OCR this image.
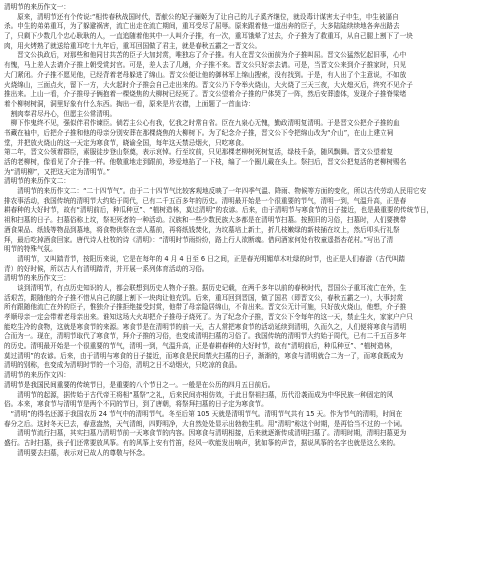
清明节的来历作文一：
　　原来，清明节还有个传说:“相传春秋战国时代，晋献公的妃子骊姬为了让自己的儿子奚齐继位，就设毒计谋害太子申生，申生被逼自
杀。申生的弟弟重耳，为了躲避祸害，流亡出走在流亡期间，重耳受尽了屈辱。原来跟着他一道出奔的臣子，大多陆陆续续地各奔出路去
了，只剩下少数几个忠心耿耿的人，一直追随着他其中一人叫介子推，有一次，重耳饿晕了过去，介子推为了救重耳，从自己腿上割下了一块
肉，用火烤熟了就送给重耳吃十九年后，重耳回国做了君主，就是春秋五霸之一晋文公。
　　晋文公执政后，对那些和他同甘共苦的臣子大加封赏，唯独忘了介子推。有人在晋文公面前为介子推叫屈。晋文公猛然忆起旧事，心中
有愧，马上差人去请介子推上朝受赏封官。可是，差人去了几趟，介子推不来。晋文公只好亲去请。可是，当晋文公来到介子推家时，只见
大门紧闭。介子推不愿见他，已经背着老母躲进了绵山。晋文公便让他的御林军上绵山搜索，没有找到。于是，有人出了个主意说，不如放
火烧绵山，三面点火，留下一方，大火起时介子推会自己走出来的。晋文公乃下令举火烧山，大火烧了三天三夜，大火熄灭后，终究不见介子
推出来。上山一看，介子推母子俩抱着一棵烧焦的大柳树已经死了。晋文公望着介子推的尸体哭了一阵，然后安葬遗体，发现介子推脊梁堵
着个柳树树洞，洞里好象有什么东西。掏出一看，原来是片衣襟，上面题了一首血诗：
　割肉奉君尽丹心，但愿主公常清明。
　柳下作鬼终不见，强似伴君作谏臣。倘若主公心有我，忆我之时常自省。臣在九泉心无愧，勤政清明复清明。于是晋文公把介子推的血
书藏在袖中，后把介子推和他的母亲分别安葬在那棵烧焦的大柳树下。为了纪念介子推，晋文公下令把绵山改为“介山”，在山上建立祠
堂，并把放火烧山的这一天定为寒食节，晓谕全国，每年这天禁忌烟火，只吃寒食。
第二年，晋文公领着群臣，素服徒步登山祭奠，表示哀悼。行至坟前，只见那棵老柳树死树复活，绿枝千条，随风飘舞。晋文公望着复
活的老柳树，像看见了介子推一样。他敬重地走到跟前，珍爱地掐了一下枝，编了一个圈儿戴在头上。祭扫后，晋文公把复活的老柳树赐名
为“清明柳”，又把这天定为清明节。”
清明节的来历作文二：
　　清明节的来历作文二：“二十四节气”。由于二十四节气比较客观地反映了一年四季气温、降雨、物候等方面的变化，所以古代劳动人民用它安
排农事活动，我国传统的清明节大约始于周代，已有二千五百多年的历史。清明最开始是一个很重要的节气，清明一到，气温升高，正是春
耕春种的大好时节，故有“清明前后，种瓜种豆”、“植树造林，莫过清明”的农谚。后来，由于清明节与寒食节的日子接近，也是最重要的传统节日，
祖和扫墓的日子。扫墓俗称上坟，祭祀死者的一种活动。汉族和一些少数民族大多都是在清明节扫墓。按照旧的习俗，扫墓时，人们要携带
酒食果品、纸钱等物品到墓地，将食物供祭在亲人墓前，再将纸钱焚化，为坟墓培上新土，折几枝嫩绿的新枝插在坟上，然后叩头行礼祭
拜，最后吃掉酒食回家。唐代诗人杜牧的诗《清明》：“清明时节雨纷纷，路上行人欲断魂。借问酒家何处有牧童遥指杏花村。”写出了清
明节的特殊气氛。
　　清明节，又叫踏青节，按阳历来说，它是在每年的 4 月 4 日至 6 日之间，正是春光明媚草木吐绿的时节，也正是人们春游（古代叫踏
青）的好时候，所以古人有清明踏青，并开展一系列体育活动的习俗。
清明节的来历作文三：
　　谈到清明节，有点历史知识的人，都会联想到历史人物介子推。据历史记载，在两千多年以前的春秋时代，晋国公子重耳流亡在外，生
活艰苦，跟随他的介子推不惜从自己的腿上割下一块肉让他充饥。后来，重耳回到晋国，做了国君（即晋文公，春秋五霸之一），大事封赏
所有跟随他流亡在外的臣子，惟独介子推拒绝接受封赏，他带了母亲隐居绵山，不肯出来。晋文公无计可施，只好放火烧山，他想，介子推
孝顺母亲一定会带着老母亲出来。谁知这场大火却把介子推母子烧死了。为了纪念介子推，晋文公下令每年的这一天，禁止生火，家家户户只
能吃生冷的食物，这就是寒食节的来源。寒食节是在清明节的前一天，古人常把寒食节的活动延续到清明，久而久之，人们便将寒食与清明
合而为一。现在，清明节取代了寒食节，拜介子推的习俗，也变成清明扫墓的习俗了。我国传统的清明节大约始于周代，已有二千五百多年
的历史。清明最开始是一个很重要的节气，清明一到，气温升高，正是春耕春种的大好时节，故有“清明前后，种瓜种豆”、“植树造林，
莫过清明”的农谚。后来，由于清明与寒食的日子接近，而寒食是民间禁火扫墓的日子，渐渐的，寒食与清明就合二为一了，而寒食既成为
清明的别称，也变成为清明时节的一个习俗，清明之日不动烟火，只吃凉的食品。
清明节的来历作文四：
清明节是我国民间重要的传统节日，是重要的八个节日之一。一般是在公历的四月五日前后。
　　清明节的起源，据传始于古代帝王将相“墓祭”之礼，后来民间亦相仿效，于此日祭祖扫墓，历代沿袭而成为中华民族一种固定的风
俗。本来，寒食节与清明节是两个不同的节日，到了唐朝，将祭拜扫墓的日子定为寒食节。
　“清明”的得名还源于我国农历 24 节气中的清明节气。冬至后第 105 天就是清明节气。清明节气共有 15 天。作为节气的清明，时间在
春分之后。这时冬天已去，春意盎然，天气清朗，四野明净，大自然处处显示出勃勃生机。用“清明”称这个时期，是再恰当不过的一个词。
　　清明节流行扫墓，其实扫墓乃清明节前一天寒食节的内容。因寒食与清明相接，后来就逐渐传成清明扫墓了。清明时期，清明扫墓更为
盛行。古时扫墓，孩子们还常要放风筝。有的风筝上安有竹笛，经风一吹能发出响声，犹如筝的声音，据说风筝的名字也就是这么来的。
　　清明要去扫墓，表示对已故人的尊敬与怀念。
